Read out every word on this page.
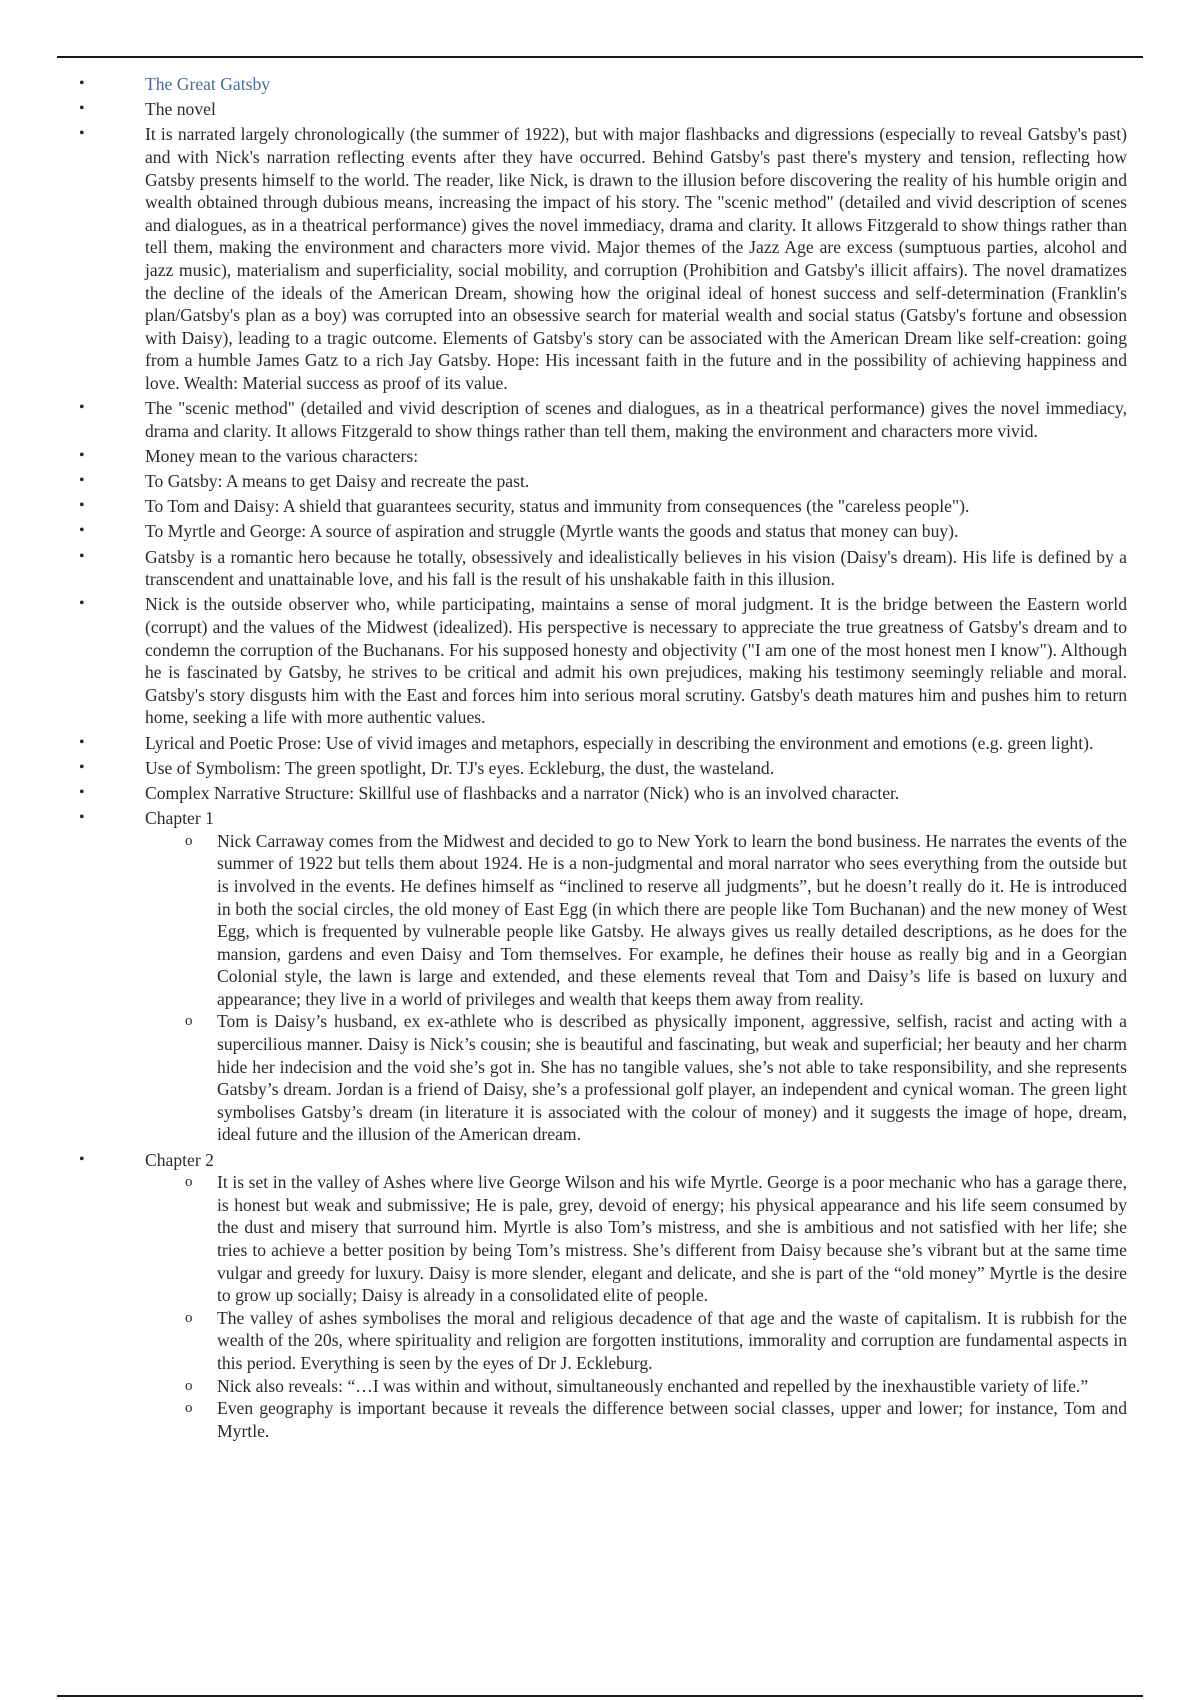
•	The Great Gatsby
•	The novel
•	It is narrated largely chronologically (the summer of 1922), but with major flashbacks and digressions (especially to reveal Gatsby's past) and with Nick's narration reflecting events after they have occurred. Behind Gatsby's past there's mystery and tension, reflecting how Gatsby presents himself to the world. The reader, like Nick, is drawn to the illusion before discovering the reality of his humble origin and wealth obtained through dubious means, increasing the impact of his story. The "scenic method" (detailed and vivid description of scenes and dialogues, as in a theatrical performance) gives the novel immediacy, drama and clarity. It allows Fitzgerald to show things rather than tell them, making the environment and characters more vivid. Major themes of the Jazz Age are excess (sumptuous parties, alcohol and jazz music), materialism and superficiality, social mobility, and corruption (Prohibition and Gatsby's illicit affairs). The novel dramatizes the decline of the ideals of the American Dream, showing how the original ideal of honest success and self-determination (Franklin's plan/Gatsby's plan as a boy) was corrupted into an obsessive search for material wealth and social status (Gatsby's fortune and obsession with Daisy), leading to a tragic outcome. Elements of Gatsby's story can be associated with the American Dream like self-creation: going from a humble James Gatz to a rich Jay Gatsby. Hope: His incessant faith in the future and in the possibility of achieving happiness and love. Wealth: Material success as proof of its value.
•	The "scenic method" (detailed and vivid description of scenes and dialogues, as in a theatrical performance) gives the novel immediacy, drama and clarity. It allows Fitzgerald to show things rather than tell them, making the environment and characters more vivid.
•	Money mean to the various characters:
•	To Gatsby: A means to get Daisy and recreate the past.
•	To Tom and Daisy: A shield that guarantees security, status and immunity from consequences (the "careless people").
•	To Myrtle and George: A source of aspiration and struggle (Myrtle wants the goods and status that money can buy).
•	Gatsby is a romantic hero because he totally, obsessively and idealistically believes in his vision (Daisy's dream). His life is defined by a transcendent and unattainable love, and his fall is the result of his unshakable faith in this illusion.
•	Nick is the outside observer who, while participating, maintains a sense of moral judgment. It is the bridge between the Eastern world (corrupt) and the values of the Midwest (idealized). His perspective is necessary to appreciate the true greatness of Gatsby's dream and to condemn the corruption of the Buchanans. For his supposed honesty and objectivity ("I am one of the most honest men I know"). Although he is fascinated by Gatsby, he strives to be critical and admit his own prejudices, making his testimony seemingly reliable and moral. Gatsby's story disgusts him with the East and forces him into serious moral scrutiny. Gatsby's death matures him and pushes him to return home, seeking a life with more authentic values.
•	Lyrical and Poetic Prose: Use of vivid images and metaphors, especially in describing the environment and emotions (e.g. green light).
•	Use of Symbolism: The green spotlight, Dr. TJ's eyes. Eckleburg, the dust, the wasteland.
•	Complex Narrative Structure: Skillful use of flashbacks and a narrator (Nick) who is an involved character.
•	Chapter 1
o Nick Carraway comes from the Midwest and decided to go to New York to learn the bond business. He narrates the events of the summer of 1922 but tells them about 1924. He is a non-judgmental and moral narrator who sees everything from the outside but is involved in the events. He defines himself as “inclined to reserve all judgments”, but he doesn’t really do it. He is introduced in both the social circles, the old money of East Egg (in which there are people like Tom Buchanan) and the new money of West Egg, which is frequented by vulnerable people like Gatsby. He always gives us really detailed descriptions, as he does for the mansion, gardens and even Daisy and Tom themselves. For example, he defines their house as really big and in a Georgian Colonial style, the lawn is large and extended, and these elements reveal that Tom and Daisy’s life is based on luxury and appearance; they live in a world of privileges and wealth that keeps them away from reality.
o Tom is Daisy’s husband, ex ex-athlete who is described as physically imponent, aggressive, selfish, racist and acting with a supercilious manner. Daisy is Nick’s cousin; she is beautiful and fascinating, but weak and superficial; her beauty and her charm hide her indecision and the void she’s got in. She has no tangible values, she’s not able to take responsibility, and she represents Gatsby’s dream. Jordan is a friend of Daisy, she’s a professional golf player, an independent and cynical woman. The green light symbolises Gatsby’s dream (in literature it is associated with the colour of money) and it suggests the image of hope, dream, ideal future and the illusion of the American dream.
•	Chapter 2
o It is set in the valley of Ashes where live George Wilson and his wife Myrtle. George is a poor mechanic who has a garage there, is honest but weak and submissive; He is pale, grey, devoid of energy; his physical appearance and his life seem consumed by the dust and misery that surround him. Myrtle is also Tom’s mistress, and she is ambitious and not satisfied with her life; she tries to achieve a better position by being Tom’s mistress. She’s different from Daisy because she’s vibrant but at the same time vulgar and greedy for luxury. Daisy is more slender, elegant and delicate, and she is part of the “old money” Myrtle is the desire to grow up socially; Daisy is already in a consolidated elite of people.
o The valley of ashes symbolises the moral and religious decadence of that age and the waste of capitalism. It is rubbish for the wealth of the 20s, where spirituality and religion are forgotten institutions, immorality and corruption are fundamental aspects in this period. Everything is seen by the eyes of Dr J. Eckleburg.
o Nick also reveals: “…I was within and without, simultaneously enchanted and repelled by the inexhaustible variety of life.”
o Even geography is important because it reveals the difference between social classes, upper and lower; for instance, Tom and Myrtle.
